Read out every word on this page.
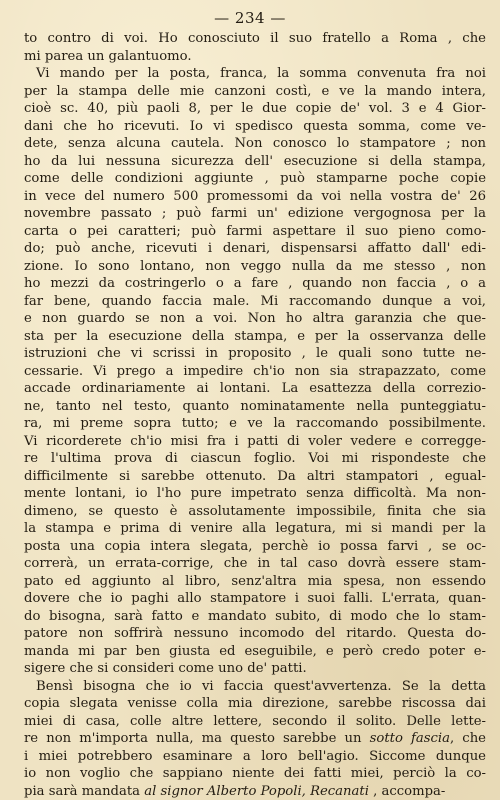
— 234 —

to contro di voi. Ho conosciuto il suo fratello a Roma , che
mi parea un galantuomo.

Vi mando per la posta, franca, la somma convenuta fra noi
per la stampa delle mie canzoni costì, e ve la mando intera,
cioè sc. 40, più paoli 8, per le due copie de' vol. 3 e 4 Gior-
dani che ho ricevuti. Io vi spedisco questa somma, come ve-
dete, senza alcuna cautela. Non conosco lo stampatore ; non
ho da lui nessuna sicurezza dell' esecuzione si della stampa,
come delle condizioni aggiunte , può stamparne poche copie
in vece del numero 500 promessomi da voi nella vostra de' 26
novembre passato ; può farmi un' edizione vergognosa per la
carta o pei caratteri; può farmi aspettare il suo pieno como-
do; può anche, ricevuti i denari, dispensarsi affatto dall' edi-
zione. Io sono lontano, non veggo nulla da me stesso , non
ho mezzi da costringerlo o a fare , quando non faccia , o a
far bene, quando faccia male. Mi raccomando dunque a voi,
e non guardo se non a voi. Non ho altra garanzia che que-
sta per la esecuzione della stampa, e per la osservanza delle
istruzioni che vi scrissi in proposito , le quali sono tutte ne-
cessarie. Vi prego a impedire ch'io non sia strapazzato, come
accade ordinariamente ai lontani. La esattezza della correzio-
ne, tanto nel testo, quanto nominatamente nella punteggiatu-
ra, mi preme sopra tutto; e ve la raccomando possibilmente.
Vi ricorderete ch'io misi fra i patti di voler vedere e corregge-
re l'ultima prova di ciascun foglio. Voi mi rispondeste che
difficilmente si sarebbe ottenuto. Da altri stampatori , egual-
mente lontani, io l'ho pure impetrato senza difficoltà. Ma non-
dimeno, se questo è assolutamente impossibile, finita che sia
la stampa e prima di venire alla legatura, mi si mandi per la
posta una copia intera slegata, perchè io possa farvi , se oc-
correrà, un errata-corrige, che in tal caso dovrà essere stam-
pato ed aggiunto al libro, senz'altra mia spesa, non essendo
dovere che io paghi allo stampatore i suoi falli. L'errata, quan-
do bisogna, sarà fatto e mandato subito, di modo che lo stam-
patore non soffrirà nessuno incomodo del ritardo. Questa do-
manda mi par ben giusta ed eseguibile, e però credo poter e-
sigere che si consideri come uno de' patti.

Bensì bisogna che io vi faccia quest'avvertenza. Se la detta
copia slegata venisse colla mia direzione, sarebbe riscossa dai
miei di casa, colle altre lettere, secondo il solito. Delle lette-
re non m'importa nulla, ma questo sarebbe un sotto fascia, che
i miei potrebbero esaminare a loro bell'agio. Siccome dunque
io non voglio che sappiano niente dei fatti miei, perciò la co-
pia sarà mandata al signor Alberto Popoli, Recanati , accompa-
